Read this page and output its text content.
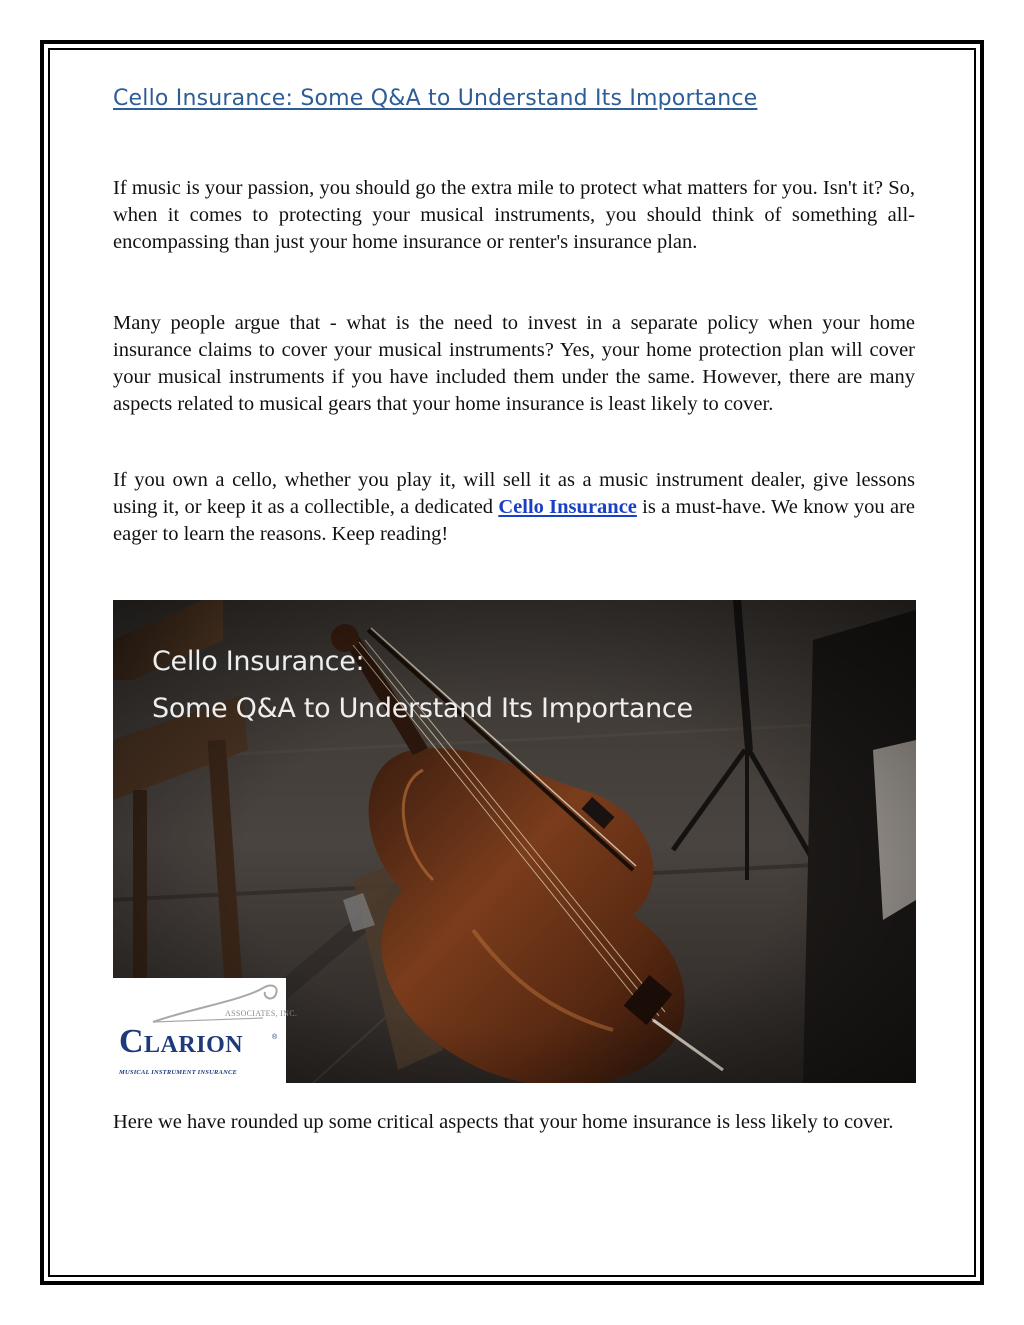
Cello Insurance: Some Q&A to Understand Its Importance

If music is your passion, you should go the extra mile to protect what matters for you. Isn't it? So, when it comes to protecting your musical instruments, you should think of something all-encompassing than just your home insurance or renter's insurance plan.

Many people argue that - what is the need to invest in a separate policy when your home insurance claims to cover your musical instruments? Yes, your home protection plan will cover your musical instruments if you have included them under the same. However, there are many aspects related to musical gears that your home insurance is least likely to cover.

If you own a cello, whether you play it, will sell it as a music instrument dealer, give lessons using it, or keep it as a collectible, a dedicated Cello Insurance is a must-have. We know you are eager to learn the reasons. Keep reading!

Cello Insurance:
Some Q&A to Understand Its Importance
ASSOCIATES, INC.
Clarion	®
MUSICAL INSTRUMENT INSURANCE

Here we have rounded up some critical aspects that your home insurance is less likely to cover.
